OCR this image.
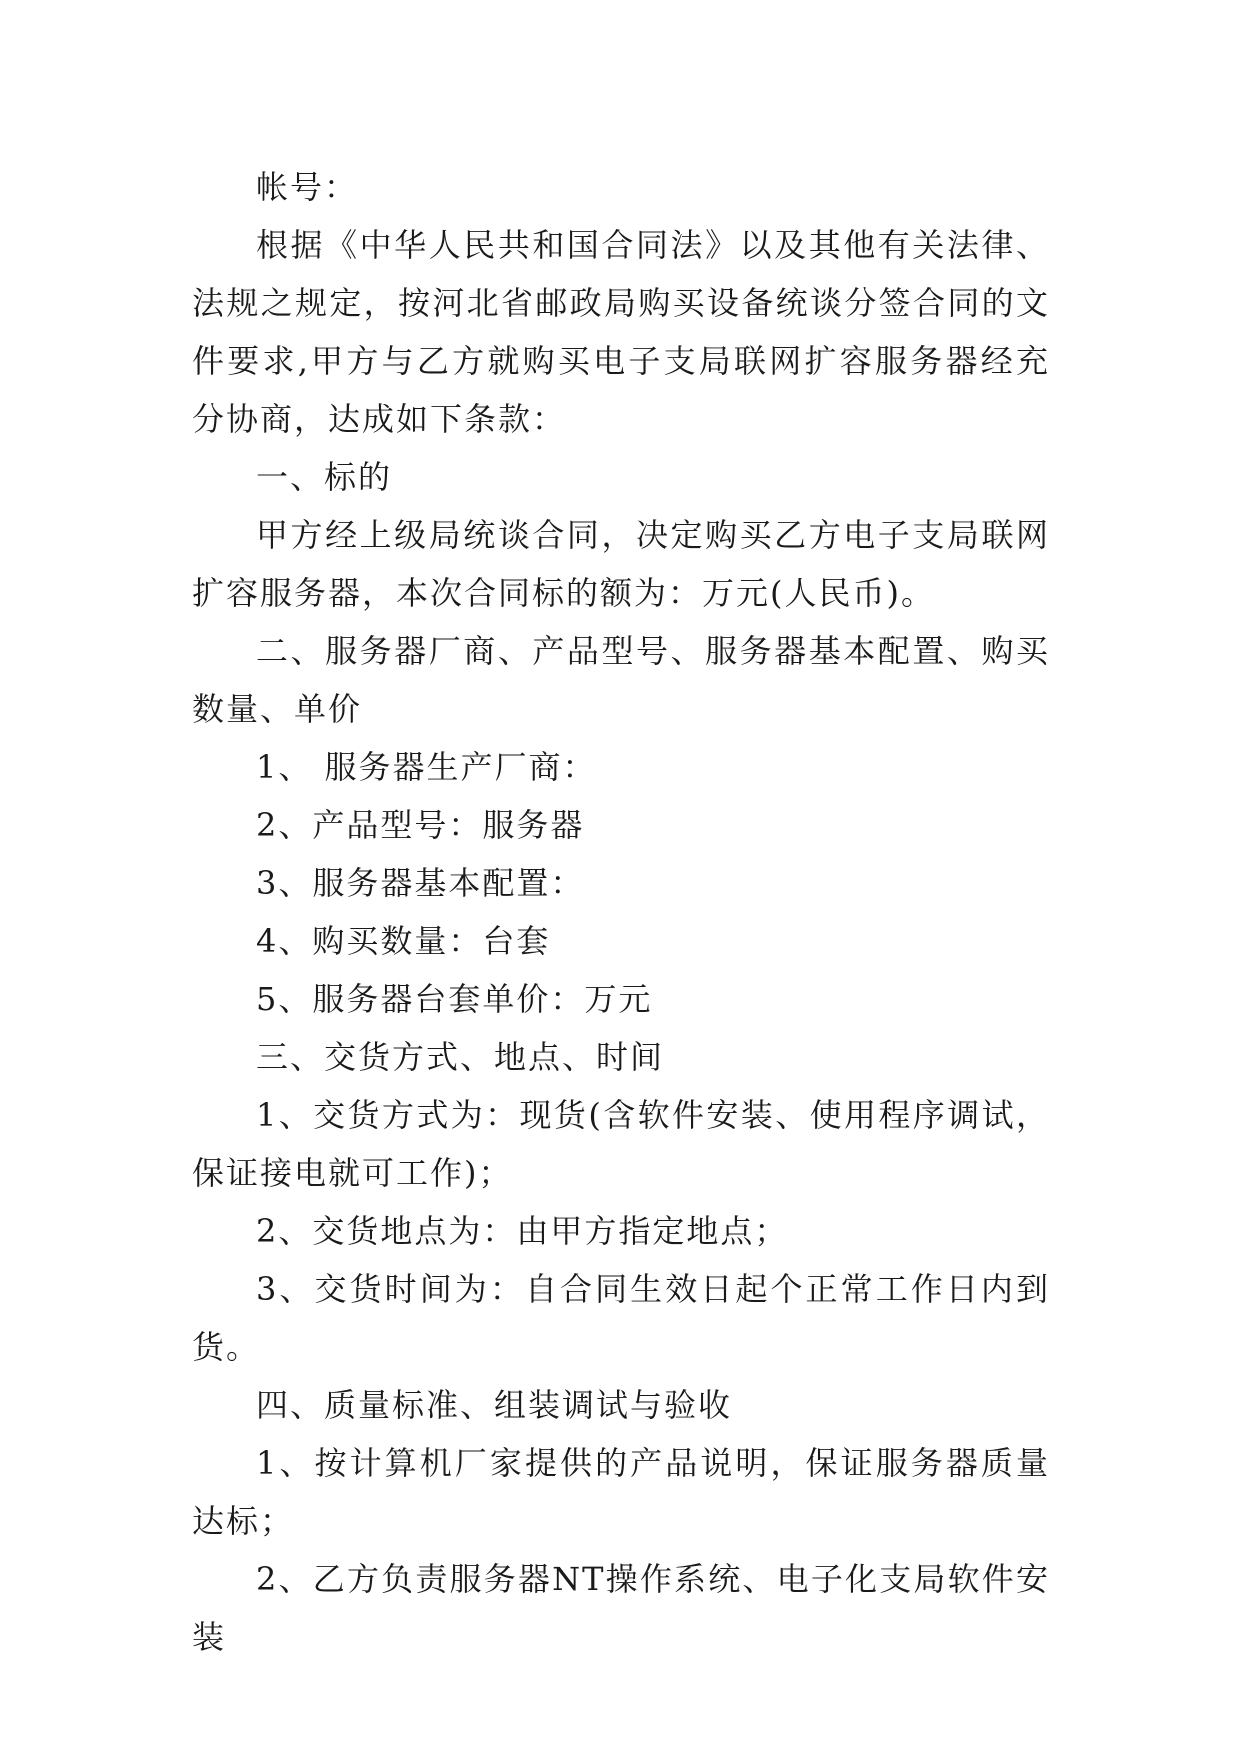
帐号：

根据《中华人民共和国合同法》以及其他有关法律、法规之规定，按河北省邮政局购买设备统谈分签合同的文件要求,甲方与乙方就购买电子支局联网扩容服务器经充分协商，达成如下条款：

一、标的

甲方经上级局统谈合同，决定购买乙方电子支局联网扩容服务器，本次合同标的额为：万元(人民币)。

二、服务器厂商、产品型号、服务器基本配置、购买数量、单价

1、 服务器生产厂商：

2、产品型号：服务器

3、服务器基本配置：

4、购买数量：台套

5、服务器台套单价：万元

三、交货方式、地点、时间

1、交货方式为：现货(含软件安装、使用程序调试，保证接电就可工作)；

2、交货地点为：由甲方指定地点；

3、交货时间为：自合同生效日起个正常工作日内到货。

四、质量标准、组装调试与验收

1、按计算机厂家提供的产品说明，保证服务器质量达标；

2、乙方负责服务器NT操作系统、电子化支局软件安装
